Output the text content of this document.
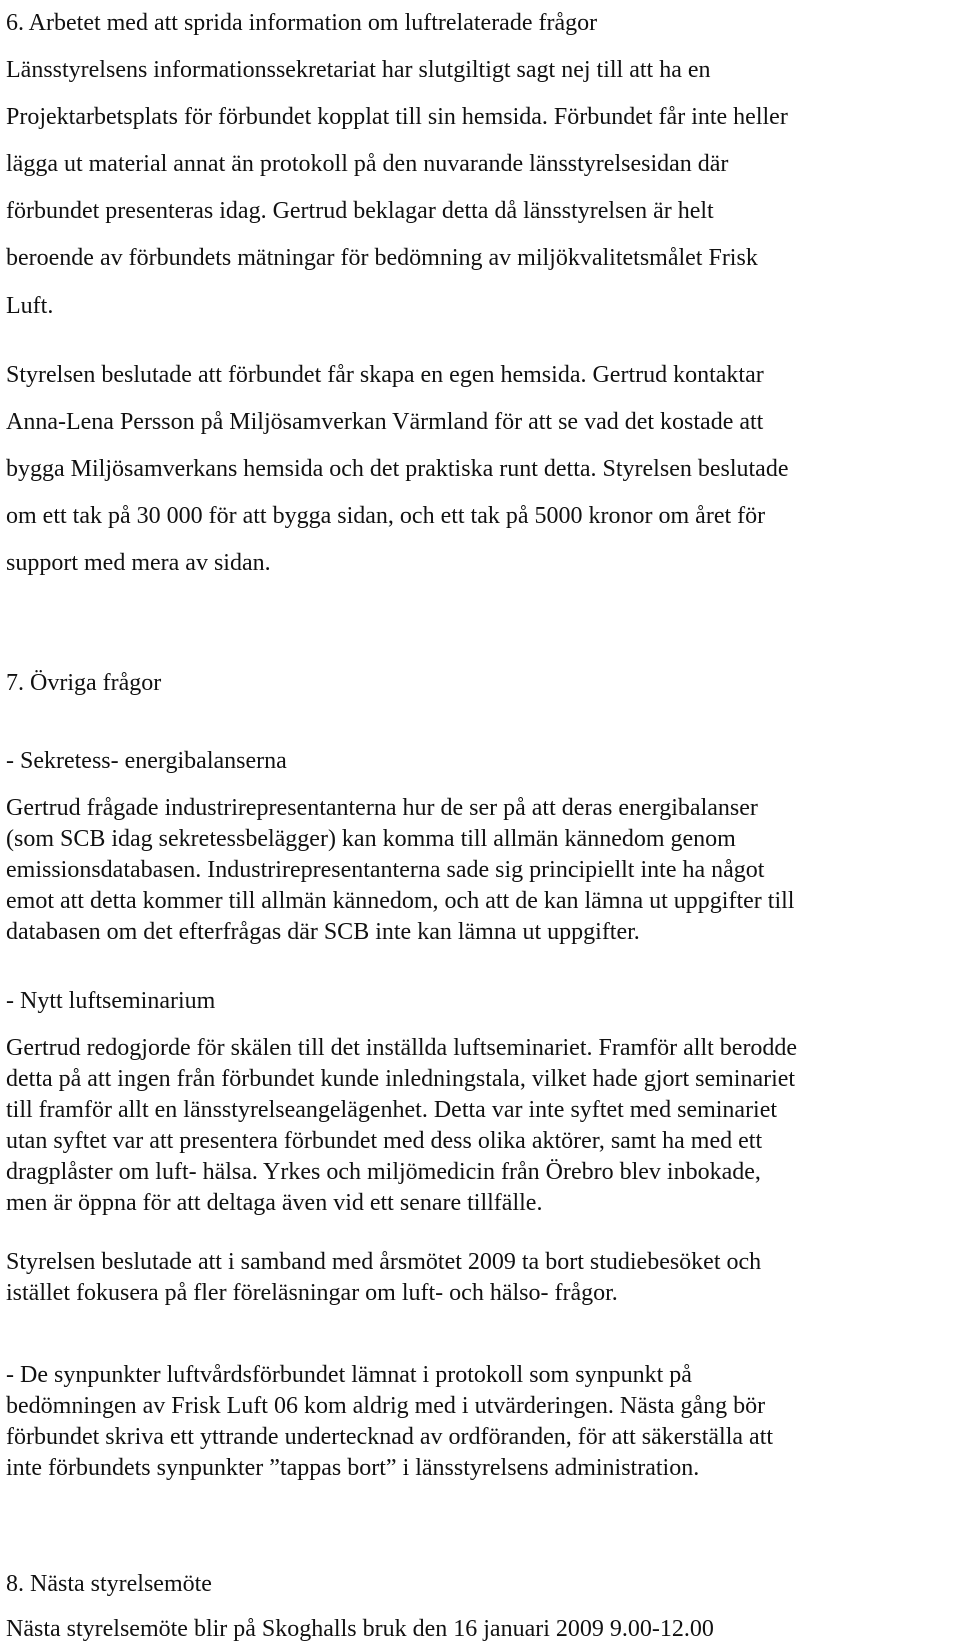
6. Arbetet med att sprida information om luftrelaterade frågor

Länsstyrelsens informationssekretariat har slutgiltigt sagt nej till att ha en

Projektarbetsplats för förbundet kopplat till sin hemsida. Förbundet får inte heller

lägga ut material annat än protokoll på den nuvarande länsstyrelsesidan där

förbundet presenteras idag. Gertrud beklagar detta då länsstyrelsen är helt

beroende av förbundets mätningar för bedömning av miljökvalitetsmålet Frisk

Luft.

Styrelsen beslutade att förbundet får skapa en egen hemsida. Gertrud kontaktar

Anna-Lena Persson på Miljösamverkan Värmland för att se vad det kostade att

bygga Miljösamverkans hemsida och det praktiska runt detta. Styrelsen beslutade

om ett tak på 30 000 för att bygga sidan, och ett tak på 5000 kronor om året för

support med mera av sidan.

7. Övriga frågor

- Sekretess- energibalanserna

Gertrud frågade industrirepresentanterna hur de ser på att deras energibalanser

(som SCB idag sekretessbelägger) kan komma till allmän kännedom genom

emissionsdatabasen. Industrirepresentanterna sade sig principiellt inte ha något

emot att detta kommer till allmän kännedom, och att de kan lämna ut uppgifter till

databasen om det efterfrågas där SCB inte kan lämna ut uppgifter.

- Nytt luftseminarium

Gertrud redogjorde för skälen till det inställda luftseminariet. Framför allt berodde

detta på att ingen från förbundet kunde inledningstala, vilket hade gjort seminariet

till framför allt en länsstyrelseangelägenhet. Detta var inte syftet med seminariet

utan syftet var att presentera förbundet med dess olika aktörer, samt ha med ett

dragplåster om luft- hälsa. Yrkes och miljömedicin från Örebro blev inbokade,

men är öppna för att deltaga även vid ett senare tillfälle.

Styrelsen beslutade att i samband med årsmötet 2009 ta bort studiebesöket och

istället fokusera på fler föreläsningar om luft- och hälso- frågor.

- De synpunkter luftvårdsförbundet lämnat i protokoll som synpunkt på

bedömningen av Frisk Luft 06 kom aldrig med i utvärderingen. Nästa gång bör

förbundet skriva ett yttrande undertecknad av ordföranden, för att säkerställa att

inte förbundets synpunkter ”tappas bort” i länsstyrelsens administration.

8. Nästa styrelsemöte

Nästa styrelsemöte blir på Skoghalls bruk den 16 januari 2009 9.00-12.00
